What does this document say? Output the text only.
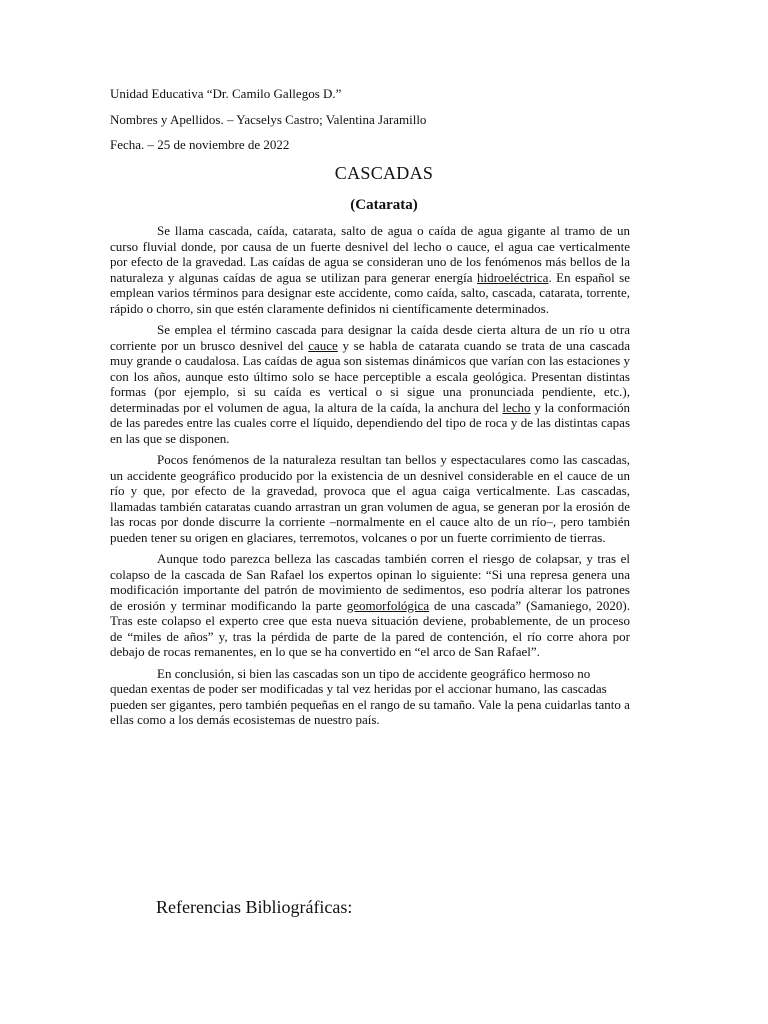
Unidad Educativa “Dr. Camilo Gallegos D.”
Nombres y Apellidos. – Yacselys Castro; Valentina Jaramillo
Fecha. – 25 de noviembre de 2022
CASCADAS
(Catarata)

Se llama cascada, caída, catarata, salto de agua o caída de agua gigante al tramo de un curso fluvial donde, por causa de un fuerte desnivel del lecho o cauce, el agua cae verticalmente por efecto de la gravedad. Las caídas de agua se consideran uno de los fenómenos más bellos de la naturaleza y algunas caídas de agua se utilizan para generar energía hidroeléctrica. En español se emplean varios términos para designar este accidente, como caída, salto, cascada, catarata, torrente, rápido o chorro, sin que estén claramente definidos ni científicamente determinados.

Se emplea el término cascada para designar la caída desde cierta altura de un río u otra corriente por un brusco desnivel del cauce y se habla de catarata cuando se trata de una cascada muy grande o caudalosa. Las caídas de agua son sistemas dinámicos que varían con las estaciones y con los años, aunque esto último solo se hace perceptible a escala geológica. Presentan distintas formas (por ejemplo, si su caída es vertical o si sigue una pronunciada pendiente, etc.), determinadas por el volumen de agua, la altura de la caída, la anchura del lecho y la conformación de las paredes entre las cuales corre el líquido, dependiendo del tipo de roca y de las distintas capas en las que se disponen.

Pocos fenómenos de la naturaleza resultan tan bellos y espectaculares como las cascadas, un accidente geográfico producido por la existencia de un desnivel considerable en el cauce de un río y que, por efecto de la gravedad, provoca que el agua caiga verticalmente. Las cascadas, llamadas también cataratas cuando arrastran un gran volumen de agua, se generan por la erosión de las rocas por donde discurre la corriente –normalmente en el cauce alto de un río–, pero también pueden tener su origen en glaciares, terremotos, volcanes o por un fuerte corrimiento de tierras.

Aunque todo parezca belleza las cascadas también corren el riesgo de colapsar, y tras el colapso de la cascada de San Rafael los expertos opinan lo siguiente: “Si una represa genera una modificación importante del patrón de movimiento de sedimentos, eso podría alterar los patrones de erosión y terminar modificando la parte geomorfológica de una cascada” (Samaniego, 2020). Tras este colapso el experto cree que esta nueva situación deviene, probablemente, de un proceso de “miles de años” y, tras la pérdida de parte de la pared de contención, el río corre ahora por debajo de rocas remanentes, en lo que se ha convertido en “el arco de San Rafael”.

En conclusión, si bien las cascadas son un tipo de accidente geográfico hermoso no quedan exentas de poder ser modificadas y tal vez heridas por el accionar humano, las cascadas pueden ser gigantes, pero también pequeñas en el rango de su tamaño. Vale la pena cuidarlas tanto a ellas como a los demás ecosistemas de nuestro país.

Referencias Bibliográficas:
